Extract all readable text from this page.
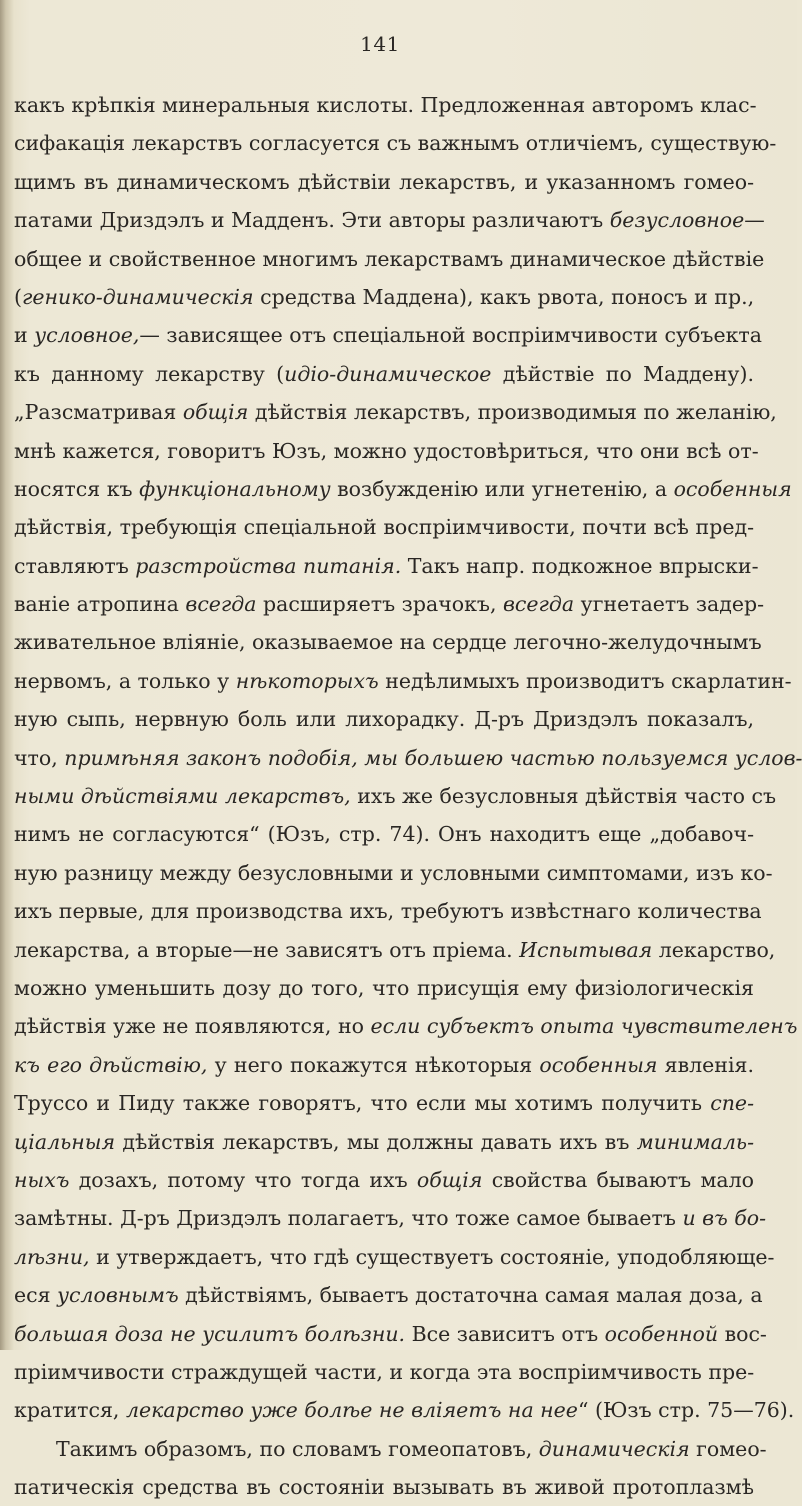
141
какъ крѣпкія минеральныя кислоты. Предложенная авторомъ клас-
сифакація лекарствъ согласуется съ важнымъ отличіемъ, существую-
щимъ въ динамическомъ дѣйствіи лекарствъ, и указанномъ гомео-
патами Дриздэлъ и Мадденъ. Эти авторы различаютъ безусловное—
общее и свойственное многимъ лекарствамъ динамическое дѣйствіе
(генико-динамическія средства Маддена), какъ рвота, поносъ и пр.,
и условное,— зависящее отъ спеціальной воспріимчивости субъекта
къ данному лекарству (идіо-динамическое дѣйствіе по Маддену).
„Разсматривая общія дѣйствія лекарствъ, производимыя по желанію,
мнѣ кажется, говоритъ Юзъ, можно удостовѣриться, что они всѣ от-
носятся къ функціональному возбужденію или угнетенію, а особенныя
дѣйствія, требующія спеціальной воспріимчивости, почти всѣ пред-
ставляютъ разстройства питанія. Такъ напр. подкожное впрыски-
ваніе атропина всегда расширяетъ зрачокъ, всегда угнетаетъ задер-
живательное вліяніе, оказываемое на сердце легочно-желудочнымъ
нервомъ, а только у нѣкоторыхъ недѣлимыхъ производитъ скарлатин-
ную сыпь, нервную боль или лихорадку. Д-ръ Дриздэлъ показалъ,
что, примѣняя законъ подобія, мы большею частью пользуемся услов-
ными дѣйствіями лекарствъ, ихъ же безусловныя дѣйствія часто съ
нимъ не согласуются“ (Юзъ, стр. 74). Онъ находитъ еще „добавоч-
ную разницу между безусловными и условными симптомами, изъ ко-
ихъ первые, для производства ихъ, требуютъ извѣстнаго количества
лекарства, а вторые—не зависятъ отъ пріема. Испытывая лекарство,
можно уменьшить дозу до того, что присущія ему физіологическія
дѣйствія уже не появляются, но если субъектъ опыта чувствителенъ
къ его дѣйствію, у него покажутся нѣкоторыя особенныя явленія.
Труссо и Пиду также говорятъ, что если мы хотимъ получить спе-
ціальныя дѣйствія лекарствъ, мы должны давать ихъ въ минималь-
ныхъ дозахъ, потому что тогда ихъ общія свойства бываютъ мало
замѣтны. Д-ръ Дриздэлъ полагаетъ, что тоже самое бываетъ и въ бо-
лѣзни, и утверждаетъ, что гдѣ существуетъ состояніе, уподобляюще-
еся условнымъ дѣйствіямъ, бываетъ достаточна самая малая доза, а
большая доза не усилитъ болѣзни. Все зависитъ отъ особенной вос-
пріимчивости страждущей части, и когда эта воспріимчивость пре-
кратится, лекарство уже болѣе не вліяетъ на нее“ (Юзъ стр. 75—76).
Такимъ образомъ, по словамъ гомеопатовъ, динамическія гомео-
патическія средства въ состояніи вызывать въ живой протоплазмѣ
